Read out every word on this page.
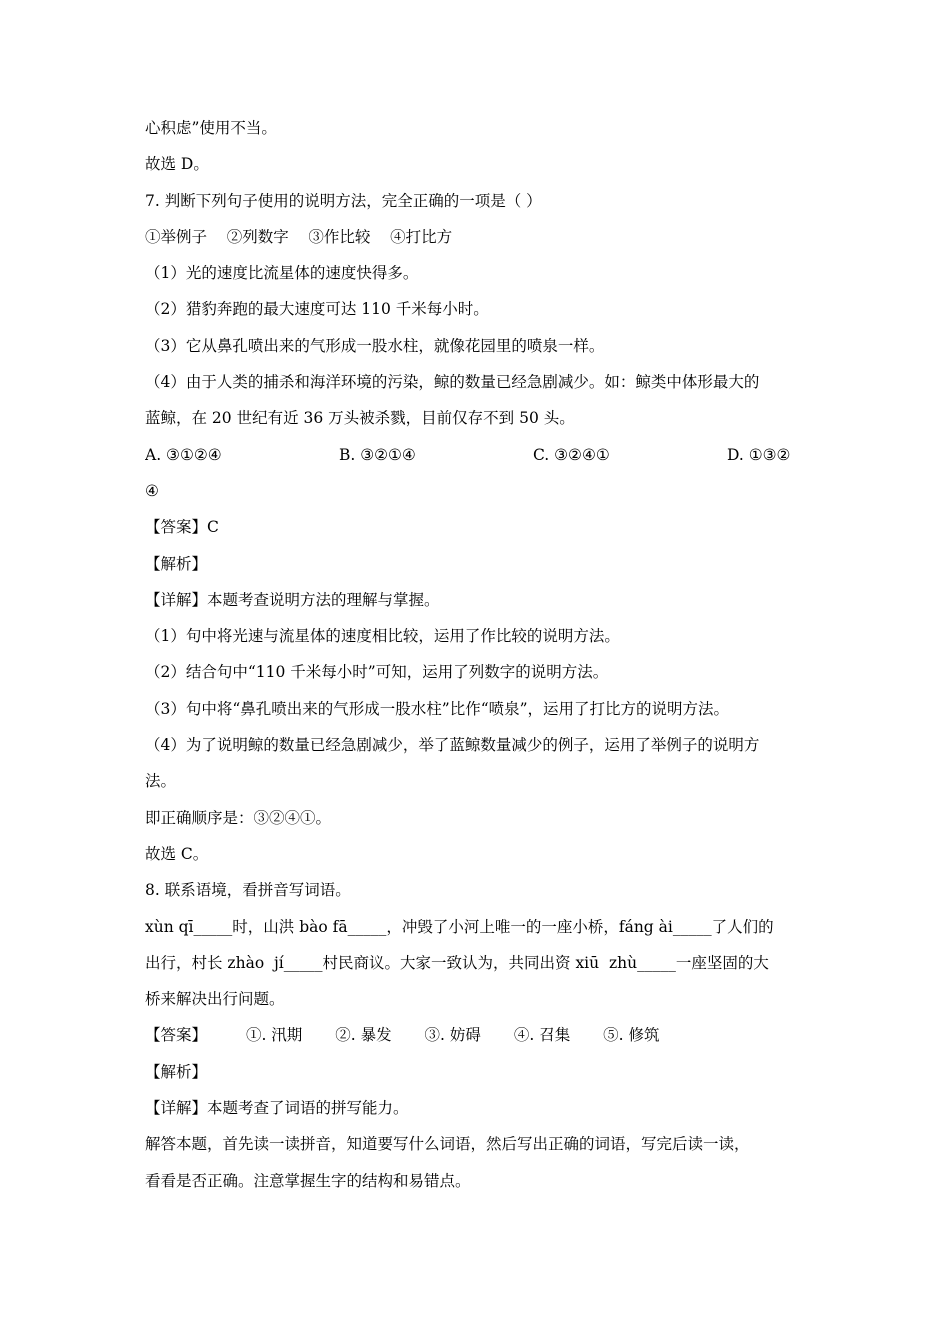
心积虑”使用不当。
故选 D。
7. 判断下列句子使用的说明方法，完全正确的一项是（ ）
①举例子    ②列数字    ③作比较    ④打比方
（1）光的速度比流星体的速度快得多。
（2）猎豹奔跑的最大速度可达 110 千米每小时。
（3）它从鼻孔喷出来的气形成一股水柱，就像花园里的喷泉一样。
（4）由于人类的捕杀和海洋环境的污染，鲸的数量已经急剧减少。如：鲸类中体形最大的
蓝鲸，在 20 世纪有近 36 万头被杀戮，目前仅存不到 50 头。
A. ③①②④	B. ③②①④	C. ③②④①	D. ①③②
④
【答案】C
【解析】
【详解】本题考查说明方法的理解与掌握。
（1）句中将光速与流星体的速度相比较，运用了作比较的说明方法。
（2）结合句中“110 千米每小时”可知，运用了列数字的说明方法。
（3）句中将“鼻孔喷出来的气形成一股水柱”比作“喷泉”，运用了打比方的说明方法。
（4）为了说明鲸的数量已经急剧减少，举了蓝鲸数量减少的例子，运用了举例子的说明方
法。
即正确顺序是：③②④①。
故选 C。
8. 联系语境，看拼音写词语。
xùn qī_____时，山洪 bào fā_____，冲毁了小河上唯一的一座小桥，fáng ài_____了人们的
出行，村长 zhào  jí_____村民商议。大家一致认为，共同出资 xiū  zhù_____一座坚固的大
桥来解决出行问题。
【答案】	①. 汛期 ②. 暴发 ③. 妨碍 ④. 召集 ⑤. 修筑
【解析】
【详解】本题考查了词语的拼写能力。
解答本题，首先读一读拼音，知道要写什么词语，然后写出正确的词语，写完后读一读，
看看是否正确。注意掌握生字的结构和易错点。
